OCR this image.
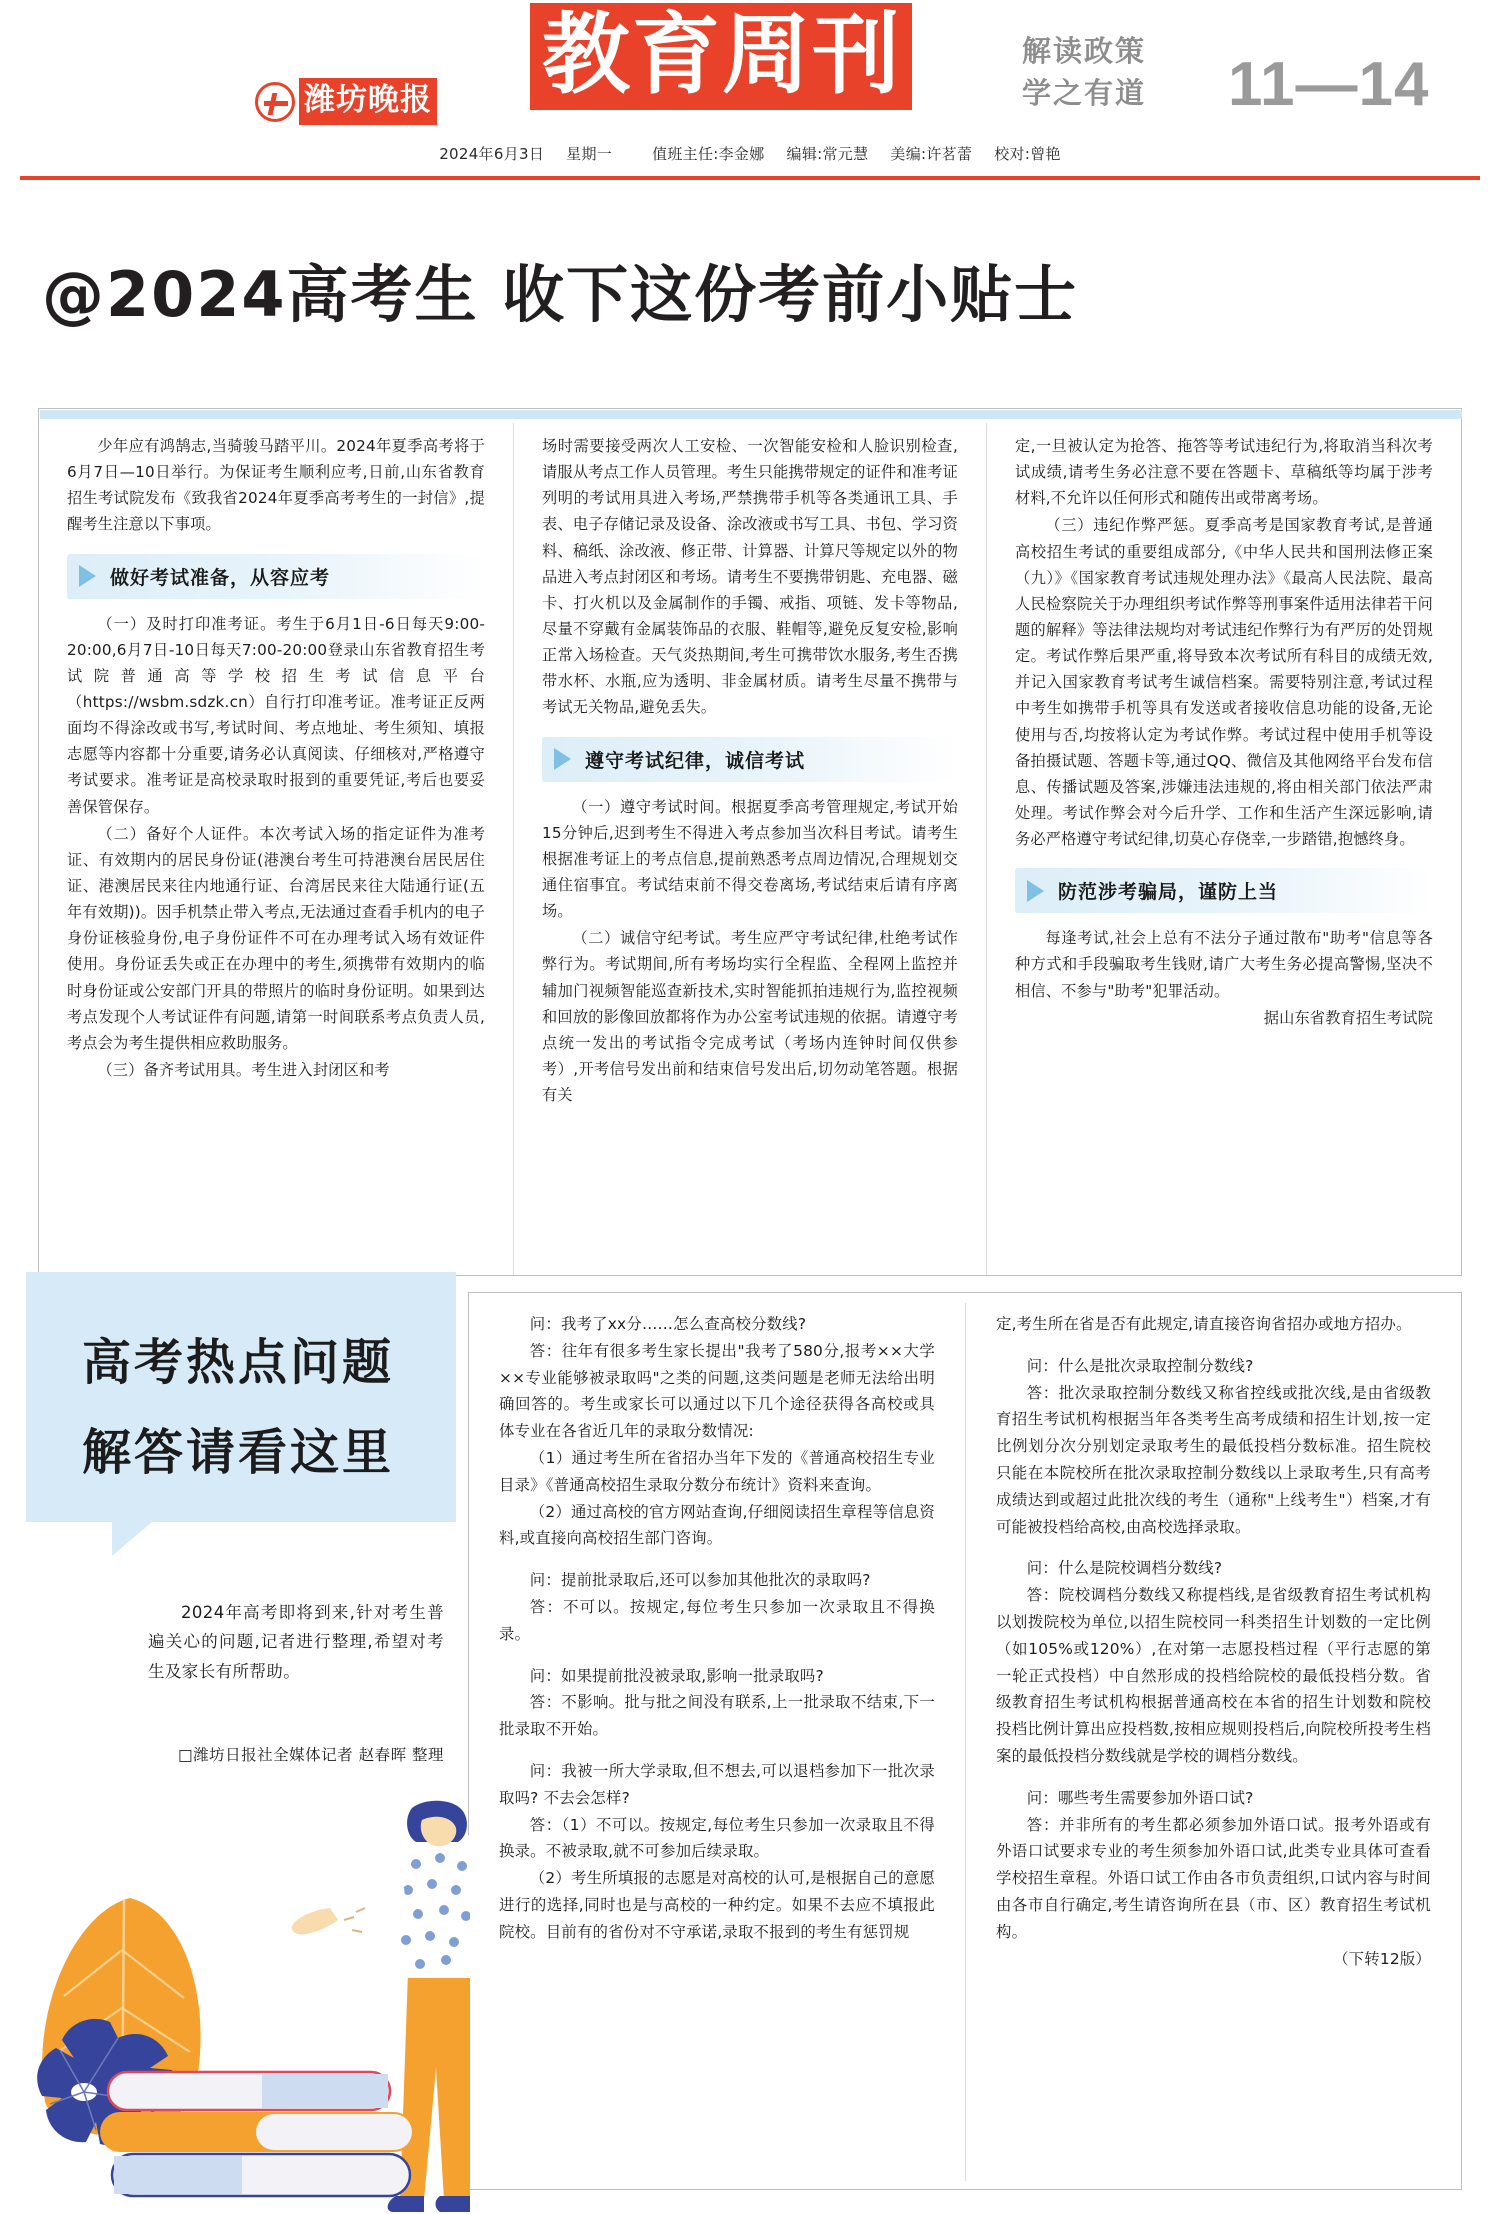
潍坊晚报 教育周刊	解读政策
学之有道 11—14
2024年6月3日 星期一	值班主任:李金娜 编辑:常元慧 美编:许茗蕾 校对:曾艳
@2024高考生 收下这份考前小贴士

少年应有鸿鹄志,当骑骏马踏平川。2024年夏季高考将于6月7日—10日举行。为保证考生顺利应考,日前,山东省教育招生考试院发布《致我省2024年夏季高考考生的一封信》,提醒考生注意以下事项。

做好考试准备，从容应考

（一）及时打印准考证。考生于6月1日-6日每天9:00-20:00,6月7日-10日每天7:00-20:00登录山东省教育招生考试院普通高等学校招生考试信息平台（https://wsbm.sdzk.cn）自行打印准考证。准考证正反两面均不得涂改或书写,考试时间、考点地址、考生须知、填报志愿等内容都十分重要,请务必认真阅读、仔细核对,严格遵守考试要求。准考证是高校录取时报到的重要凭证,考后也要妥善保管保存。

（二）备好个人证件。本次考试入场的指定证件为准考证、有效期内的居民身份证(港澳台考生可持港澳台居民居住证、港澳居民来往内地通行证、台湾居民来往大陆通行证(五年有效期))。因手机禁止带入考点,无法通过查看手机内的电子身份证核验身份,电子身份证件不可在办理考试入场有效证件使用。身份证丢失或正在办理中的考生,须携带有效期内的临时身份证或公安部门开具的带照片的临时身份证明。如果到达考点发现个人考试证件有问题,请第一时间联系考点负责人员,考点会为考生提供相应救助服务。

（三）备齐考试用具。考生进入封闭区和考

场时需要接受两次人工安检、一次智能安检和人脸识别检查,请服从考点工作人员管理。考生只能携带规定的证件和准考证列明的考试用具进入考场,严禁携带手机等各类通讯工具、手表、电子存储记录及设备、涂改液或书写工具、书包、学习资料、稿纸、涂改液、修正带、计算器、计算尺等规定以外的物品进入考点封闭区和考场。请考生不要携带钥匙、充电器、磁卡、打火机以及金属制作的手镯、戒指、项链、发卡等物品,尽量不穿戴有金属装饰品的衣服、鞋帽等,避免反复安检,影响正常入场检查。天气炎热期间,考生可携带饮水服务,考生否携带水杯、水瓶,应为透明、非金属材质。请考生尽量不携带与考试无关物品,避免丢失。

遵守考试纪律，诚信考试

（一）遵守考试时间。根据夏季高考管理规定,考试开始15分钟后,迟到考生不得进入考点参加当次科目考试。请考生根据准考证上的考点信息,提前熟悉考点周边情况,合理规划交通住宿事宜。考试结束前不得交卷离场,考试结束后请有序离场。

（二）诚信守纪考试。考生应严守考试纪律,杜绝考试作弊行为。考试期间,所有考场均实行全程监、全程网上监控并辅加门视频智能巡查新技术,实时智能抓拍违规行为,监控视频和回放的影像回放都将作为办公室考试违规的依据。请遵守考点统一发出的考试指令完成考试（考场内连钟时间仅供参考）,开考信号发出前和结束信号发出后,切勿动笔答题。根据有关

定,一旦被认定为抢答、拖答等考试违纪行为,将取消当科次考试成绩,请考生务必注意不要在答题卡、草稿纸等均属于涉考材料,不允许以任何形式和随传出或带离考场。

（三）违纪作弊严惩。夏季高考是国家教育考试,是普通高校招生考试的重要组成部分,《中华人民共和国刑法修正案（九）》《国家教育考试违规处理办法》《最高人民法院、最高人民检察院关于办理组织考试作弊等刑事案件适用法律若干问题的解释》等法律法规均对考试违纪作弊行为有严厉的处罚规定。考试作弊后果严重,将导致本次考试所有科目的成绩无效,并记入国家教育考试考生诚信档案。需要特别注意,考试过程中考生如携带手机等具有发送或者接收信息功能的设备,无论使用与否,均按将认定为考试作弊。考试过程中使用手机等设备拍摄试题、答题卡等,通过QQ、微信及其他网络平台发布信息、传播试题及答案,涉嫌违法违规的,将由相关部门依法严肃处理。考试作弊会对今后升学、工作和生活产生深远影响,请务必严格遵守考试纪律,切莫心存侥幸,一步踏错,抱憾终身。

防范涉考骗局，谨防上当

每逢考试,社会上总有不法分子通过散布"助考"信息等各种方式和手段骗取考生钱财,请广大考生务必提高警惕,坚决不相信、不参与"助考"犯罪活动。

据山东省教育招生考试院

高考热点问题
解答请看这里
2024年高考即将到来,针对考生普遍关心的问题,记者进行整理,希望对考生及家长有所帮助。
□潍坊日报社全媒体记者 赵春晖 整理

问：我考了xx分……怎么查高校分数线?

答：往年有很多考生家长提出"我考了580分,报考××大学××专业能够被录取吗"之类的问题,这类问题是老师无法给出明确回答的。考生或家长可以通过以下几个途径获得各高校或具体专业在各省近几年的录取分数情况:

（1）通过考生所在省招办当年下发的《普通高校招生专业目录》《普通高校招生录取分数分布统计》资料来查询。

（2）通过高校的官方网站查询,仔细阅读招生章程等信息资料,或直接向高校招生部门咨询。

问：提前批录取后,还可以参加其他批次的录取吗?

答：不可以。按规定,每位考生只参加一次录取且不得换录。

问：如果提前批没被录取,影响一批录取吗?

答：不影响。批与批之间没有联系,上一批录取不结束,下一批录取不开始。

问：我被一所大学录取,但不想去,可以退档参加下一批次录取吗? 不去会怎样?

答：（1）不可以。按规定,每位考生只参加一次录取且不得换录。不被录取,就不可参加后续录取。

（2）考生所填报的志愿是对高校的认可,是根据自己的意愿进行的选择,同时也是与高校的一种约定。如果不去应不填报此院校。目前有的省份对不守承诺,录取不报到的考生有惩罚规

定,考生所在省是否有此规定,请直接咨询省招办或地方招办。

问：什么是批次录取控制分数线?

答：批次录取控制分数线又称省控线或批次线,是由省级教育招生考试机构根据当年各类考生高考成绩和招生计划,按一定比例划分次分别划定录取考生的最低投档分数标准。招生院校只能在本院校所在批次录取控制分数线以上录取考生,只有高考成绩达到或超过此批次线的考生（通称"上线考生"）档案,才有可能被投档给高校,由高校选择录取。

问：什么是院校调档分数线?

答：院校调档分数线又称提档线,是省级教育招生考试机构以划拨院校为单位,以招生院校同一科类招生计划数的一定比例（如105%或120%）,在对第一志愿投档过程（平行志愿的第一轮正式投档）中自然形成的投档给院校的最低投档分数。省级教育招生考试机构根据普通高校在本省的招生计划数和院校投档比例计算出应投档数,按相应规则投档后,向院校所投考生档案的最低投档分数线就是学校的调档分数线。

问：哪些考生需要参加外语口试?

答：并非所有的考生都必须参加外语口试。报考外语或有外语口试要求专业的考生须参加外语口试,此类专业具体可查看学校招生章程。外语口试工作由各市负责组织,口试内容与时间由各市自行确定,考生请咨询所在县（市、区）教育招生考试机构。

（下转12版）
